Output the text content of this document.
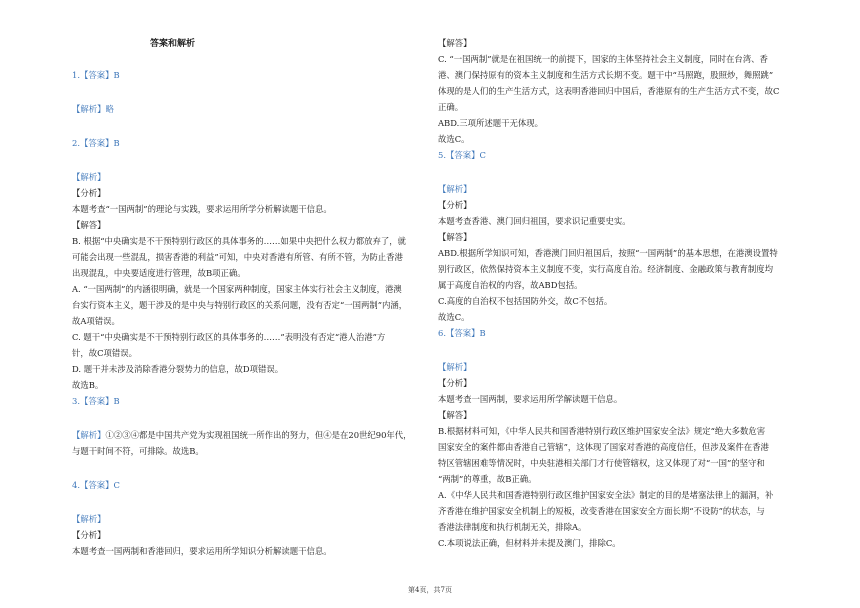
答案和解析
1.【答案】B
【解析】略
2.【答案】B
【解析】
【分析】
本题考查“一国两制”的理论与实践，要求运用所学分析解读题干信息。
【解答】
B. 根据“中央确实是不干预特别行政区的具体事务的……如果中央把什么权力都放弃了，就
可能会出现一些混乱，损害香港的利益”可知，中央对香港有所管、有所不管，为防止香港
出现混乱，中央要适度进行管理，故B项正确。
A. “一国两制”的内涵很明确，就是一个国家两种制度，国家主体实行社会主义制度，港澳
台实行资本主义，题干涉及的是中央与特别行政区的关系问题，没有否定“一国两制”内涵，
故A项错误。
C. 题干“中央确实是不干预特别行政区的具体事务的……”表明没有否定“港人治港”方
针，故C项错误。
D. 题干并未涉及消除香港分裂势力的信息，故D项错误。
故选B。
3.【答案】B
【解析】①②③④都是中国共产党为实现祖国统一所作出的努力，但④是在20世纪90年代，
与题干时间不符，可排除。故选B。
4.【答案】C
【解析】
【分析】
本题考查一国两制和香港回归，要求运用所学知识分析解读题干信息。
【解答】
C. “一国两制”就是在祖国统一的前提下，国家的主体坚持社会主义制度，同时在台湾、香
港、澳门保持原有的资本主义制度和生活方式长期不变。题干中“马照跑，股照炒，舞照跳”
体现的是人们的生产生活方式，这表明香港回归中国后，香港原有的生产生活方式不变，故C
正确。
ABD.三项所述题干无体现。
故选C。
5.【答案】C
【解析】
【分析】
本题考查香港、澳门回归祖国，要求识记重要史实。
【解答】
ABD.根据所学知识可知，香港澳门回归祖国后，按照“一国两制”的基本思想，在港澳设置特
别行政区，依然保持资本主义制度不变，实行高度自治。经济制度、金融政策与教育制度均
属于高度自治权的内容，故ABD包括。
C.高度的自治权不包括国防外交，故C不包括。
故选C。
6.【答案】B
【解析】
【分析】
本题考查一国两制，要求运用所学解读题干信息。
【解答】
B.根据材料可知，《中华人民共和国香港特别行政区维护国家安全法》规定“绝大多数危害
国家安全的案件都由香港自己管辖”，这体现了国家对香港的高度信任，但涉及案件在香港
特区管辖困难等情况时，中央驻港相关部门才行使管辖权，这又体现了对“一国”的坚守和
“两制”的尊重，故B正确。
A.《中华人民共和国香港特别行政区维护国家安全法》制定的目的是堵塞法律上的漏洞，补
齐香港在维护国家安全机制上的短板，改变香港在国家安全方面长期“不设防”的状态，与
香港法律制度和执行机制无关，排除A。
C.本项说法正确，但材料并未提及澳门，排除C。
第4页，共7页
